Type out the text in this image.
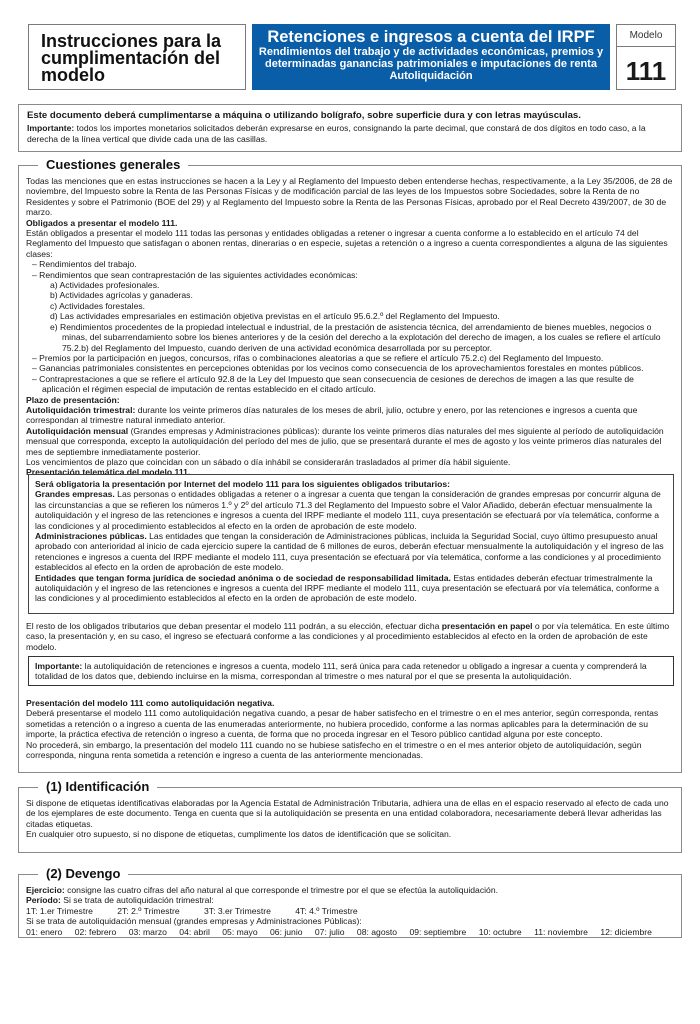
Instrucciones para la cumplimentación del modelo
Retenciones e ingresos a cuenta del IRPF
Rendimientos del trabajo y de actividades económicas, premios y determinadas ganancias patrimoniales e imputaciones de renta
Autoliquidación
Modelo
111

Este documento deberá cumplimentarse a máquina o utilizando bolígrafo, sobre superficie dura y con letras mayúsculas.

Importante: todos los importes monetarios solicitados deberán expresarse en euros, consignando la parte decimal, que constará de dos dígitos en todo caso, a la derecha de la línea vertical que divide cada una de las casillas.

Cuestiones generales

Todas las menciones que en estas instrucciones se hacen a la Ley y al Reglamento del Impuesto deben entenderse hechas, respectivamente, a la Ley 35/2006, de 28 de noviembre, del Impuesto sobre la Renta de las Personas Físicas y de modificación parcial de las leyes de los Impuestos sobre Sociedades, sobre la Renta de no Residentes y sobre el Patrimonio (BOE del 29) y al Reglamento del Impuesto sobre la Renta de las Personas Físicas, aprobado por el Real Decreto 439/2007, de 30 de marzo.

Obligados a presentar el modelo 111.

Están obligados a presentar el modelo 111 todas las personas y entidades obligadas a retener o ingresar a cuenta conforme a lo establecido en el artículo 74 del Reglamento del Impuesto que satisfagan o abonen rentas, dinerarias o en especie, sujetas a retención o a ingreso a cuenta correspondientes a alguna de las siguientes clases:

– Rendimientos del trabajo.

– Rendimientos que sean contraprestación de las siguientes actividades económicas:

a) Actividades profesionales.

b) Actividades agrícolas y ganaderas.

c) Actividades forestales.

d) Las actividades empresariales en estimación objetiva previstas en el artículo 95.6.2.º del Reglamento del Impuesto.

e) Rendimientos procedentes de la propiedad intelectual e industrial, de la prestación de asistencia técnica, del arrendamiento de bienes muebles, negocios o minas, del subarrendamiento sobre los bienes anteriores y de la cesión del derecho a la explotación del derecho de imagen, a los cuales se refiere el artículo 75.2.b) del Reglamento del Impuesto, cuando deriven de una actividad económica desarrollada por su perceptor.

– Premios por la participación en juegos, concursos, rifas o combinaciones aleatorias a que se refiere el artículo 75.2.c) del Reglamento del Impuesto.

– Ganancias patrimoniales consistentes en percepciones obtenidas por los vecinos como consecuencia de los aprovechamientos forestales en montes públicos.

– Contraprestaciones a que se refiere el artículo 92.8 de la Ley del Impuesto que sean consecuencia de cesiones de derechos de imagen a las que resulte de aplicación el régimen especial de imputación de rentas establecido en el citado artículo.

Plazo de presentación:

Autoliquidación trimestral: durante los veinte primeros días naturales de los meses de abril, julio, octubre y enero, por las retenciones e ingresos a cuenta que correspondan al trimestre natural inmediato anterior.

Autoliquidación mensual (Grandes empresas y Administraciones públicas): durante los veinte primeros días naturales del mes siguiente al período de autoliquidación mensual que corresponda, excepto la autoliquidación del período del mes de julio, que se presentará durante el mes de agosto y los veinte primeros días naturales del mes de septiembre inmediatamente posterior.

Los vencimientos de plazo que coincidan con un sábado o día inhábil se considerarán trasladados al primer día hábil siguiente.

Presentación telemática del modelo 111.

Será obligatoria la presentación por Internet del modelo 111 para los siguientes obligados tributarios:

Grandes empresas. Las personas o entidades obligadas a retener o a ingresar a cuenta que tengan la consideración de grandes empresas por concurrir alguna de las circunstancias a que se refieren los números 1.º y 2º del artículo 71.3 del Reglamento del Impuesto sobre el Valor Añadido, deberán efectuar mensualmente la autoliquidación y el ingreso de las retenciones e ingresos a cuenta del IRPF mediante el modelo 111, cuya presentación se efectuará por vía telemática, conforme a las condiciones y al procedimiento establecidos al efecto en la orden de aprobación de este modelo.

Administraciones públicas. Las entidades que tengan la consideración de Administraciones públicas, incluida la Seguridad Social, cuyo último presupuesto anual aprobado con anterioridad al inicio de cada ejercicio supere la cantidad de 6 millones de euros, deberán efectuar mensualmente la autoliquidación y el ingreso de las retenciones e ingresos a cuenta del IRPF mediante el modelo 111, cuya presentación se efectuará por vía telemática, conforme a las condiciones y al procedimiento establecidos al efecto en la orden de aprobación de este modelo.

Entidades que tengan forma jurídica de sociedad anónima o de sociedad de responsabilidad limitada. Estas entidades deberán efectuar trimestralmente la autoliquidación y el ingreso de las retenciones e ingresos a cuenta del IRPF mediante el modelo 111, cuya presentación se efectuará por vía telemática, conforme a las condiciones y al procedimiento establecidos al efecto en la orden de aprobación de este modelo.

El resto de los obligados tributarios que deban presentar el modelo 111 podrán, a su elección, efectuar dicha presentación en papel o por vía telemática. En este último caso, la presentación y, en su caso, el ingreso se efectuará conforme a las condiciones y al procedimiento establecidos al efecto en la orden de aprobación de este modelo.

Importante: la autoliquidación de retenciones e ingresos a cuenta, modelo 111, será única para cada retenedor u obligado a ingresar a cuenta y comprenderá la totalidad de los datos que, debiendo incluirse en la misma, correspondan al trimestre o mes natural por el que se presenta la autoliquidación.

Presentación del modelo 111 como autoliquidación negativa.

Deberá presentarse el modelo 111 como autoliquidación negativa cuando, a pesar de haber satisfecho en el trimestre o en el mes anterior, según corresponda, rentas sometidas a retención o a ingreso a cuenta de las enumeradas anteriormente, no hubiera procedido, conforme a las normas aplicables para la determinación de su importe, la práctica efectiva de retención o ingreso a cuenta, de forma que no proceda ingresar en el Tesoro público cantidad alguna por este concepto.

No procederá, sin embargo, la presentación del modelo 111 cuando no se hubiese satisfecho en el trimestre o en el mes anterior objeto de autoliquidación, según corresponda, ninguna renta sometida a retención e ingreso a cuenta de las anteriormente mencionadas.

(1) Identificación

Si dispone de etiquetas identificativas elaboradas por la Agencia Estatal de Administración Tributaria, adhiera una de ellas en el espacio reservado al efecto de cada uno de los ejemplares de este documento. Tenga en cuenta que si la autoliquidación se presenta en una entidad colaboradora, necesariamente deberá llevar adheridas las citadas etiquetas.

En cualquier otro supuesto, si no dispone de etiquetas, cumplimente los datos de identificación que se solicitan.

(2) Devengo

Ejercicio: consigne las cuatro cifras del año natural al que corresponde el trimestre por el que se efectúa la autoliquidación.

Período: Si se trata de autoliquidación trimestral:

1T: 1.er Trimestre	2T: 2.º Trimestre	3T: 3.er Trimestre	4T: 4.º Trimestre

Si se trata de autoliquidación mensual (grandes empresas y Administraciones Públicas):

01: enero 02: febrero 03: marzo 04: abril 05: mayo 06: junio 07: julio 08: agosto 09: septiembre 10: octubre 11: noviembre 12: diciembre
